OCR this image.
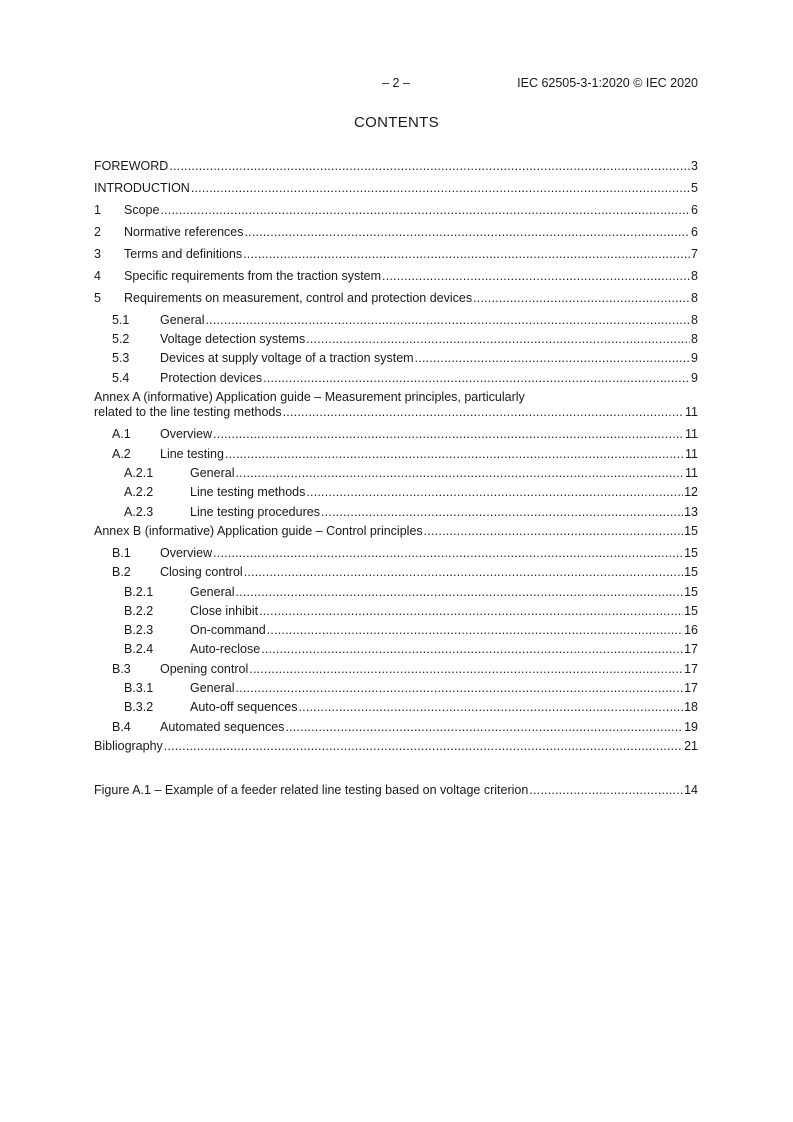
– 2 –	IEC 62505-3-1:2020 © IEC 2020
CONTENTS
FOREWORD .....	3
INTRODUCTION .....	5
1	Scope .....	6
2	Normative references .....	6
3	Terms and definitions .....	7
4	Specific requirements from the traction system .....	8
5	Requirements on measurement, control and protection devices .....	8
5.1	General .....	8
5.2	Voltage detection systems .....	8
5.3	Devices at supply voltage of a traction system .....	9
5.4	Protection devices .....	9
Annex A (informative) Application guide – Measurement principles, particularly
related to the line testing methods .....	11
A.1	Overview .....	11
A.2	Line testing .....	11
A.2.1	General .....	11
A.2.2	Line testing methods .....	12
A.2.3	Line testing procedures .....	13
Annex B (informative) Application guide – Control principles .....	15
B.1	Overview .....	15
B.2	Closing control .....	15
B.2.1	General .....	15
B.2.2	Close inhibit .....	15
B.2.3	On-command .....	16
B.2.4	Auto-reclose .....	17
B.3	Opening control .....	17
B.3.1	General .....	17
B.3.2	Auto-off sequences .....	18
B.4	Automated sequences .....	19
Bibliography .....	21
Figure A.1 – Example of a feeder related line testing based on voltage criterion .....	14
